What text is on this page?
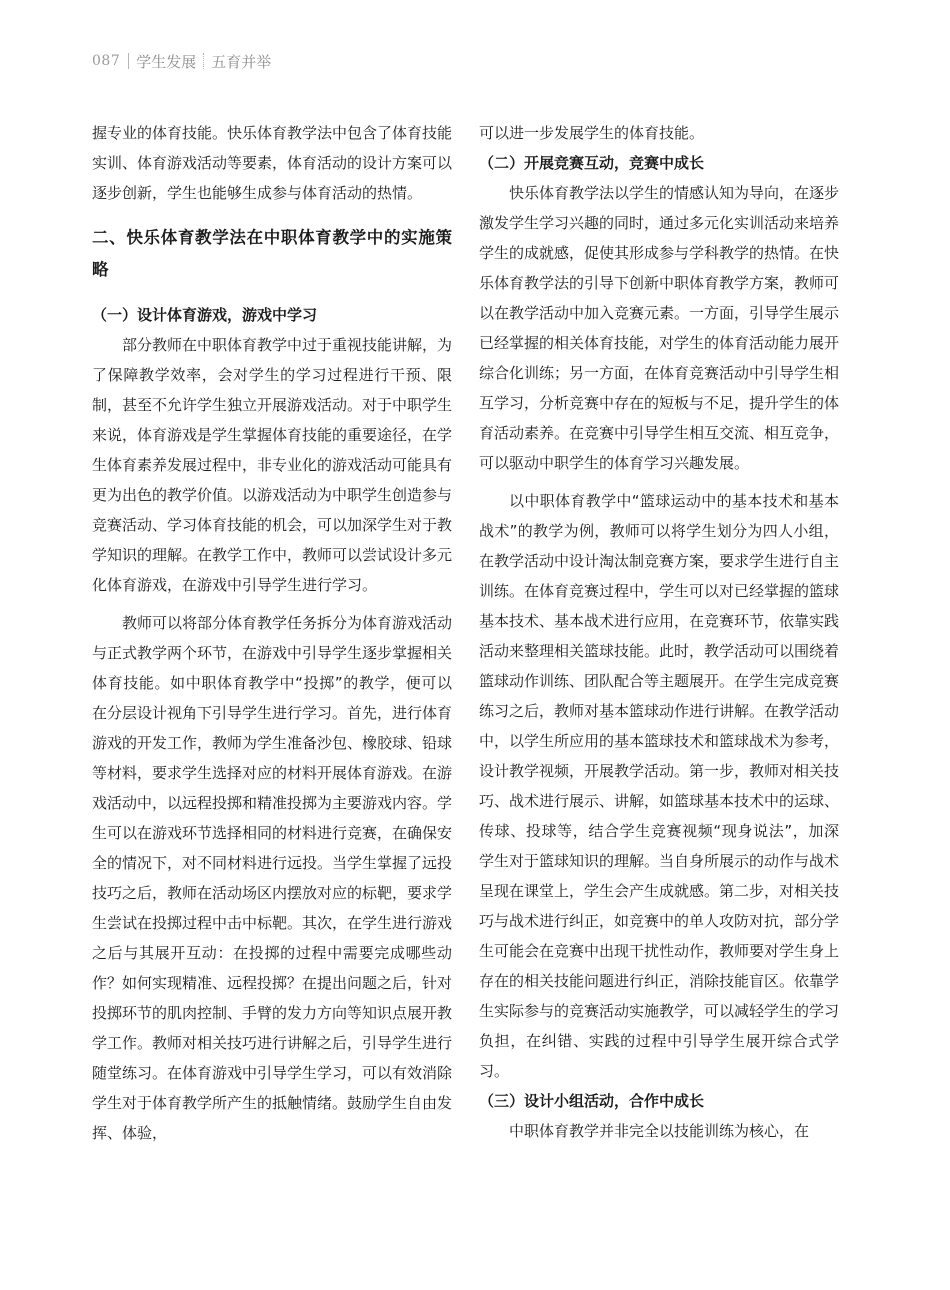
087 学生发展 五育并举

握专业的体育技能。快乐体育教学法中包含了体育技能实训、体育游戏活动等要素，体育活动的设计方案可以逐步创新，学生也能够生成参与体育活动的热情。

二、快乐体育教学法在中职体育教学中的实施策略
（一）设计体育游戏，游戏中学习

部分教师在中职体育教学中过于重视技能讲解，为了保障教学效率，会对学生的学习过程进行干预、限制，甚至不允许学生独立开展游戏活动。对于中职学生来说，体育游戏是学生掌握体育技能的重要途径，在学生体育素养发展过程中，非专业化的游戏活动可能具有更为出色的教学价值。以游戏活动为中职学生创造参与竞赛活动、学习体育技能的机会，可以加深学生对于教学知识的理解。在教学工作中，教师可以尝试设计多元化体育游戏，在游戏中引导学生进行学习。

教师可以将部分体育教学任务拆分为体育游戏活动与正式教学两个环节，在游戏中引导学生逐步掌握相关体育技能。如中职体育教学中“投掷”的教学，便可以在分层设计视角下引导学生进行学习。首先，进行体育游戏的开发工作，教师为学生准备沙包、橡胶球、铅球等材料，要求学生选择对应的材料开展体育游戏。在游戏活动中，以远程投掷和精准投掷为主要游戏内容。学生可以在游戏环节选择相同的材料进行竞赛，在确保安全的情况下，对不同材料进行远投。当学生掌握了远投技巧之后，教师在活动场区内摆放对应的标靶，要求学生尝试在投掷过程中击中标靶。其次，在学生进行游戏之后与其展开互动：在投掷的过程中需要完成哪些动作？如何实现精准、远程投掷？在提出问题之后，针对投掷环节的肌肉控制、手臂的发力方向等知识点展开教学工作。教师对相关技巧进行讲解之后，引导学生进行随堂练习。在体育游戏中引导学生学习，可以有效消除学生对于体育教学所产生的抵触情绪。鼓励学生自由发挥、体验，

可以进一步发展学生的体育技能。

（二）开展竞赛互动，竞赛中成长

快乐体育教学法以学生的情感认知为导向，在逐步激发学生学习兴趣的同时，通过多元化实训活动来培养学生的成就感，促使其形成参与学科教学的热情。在快乐体育教学法的引导下创新中职体育教学方案，教师可以在教学活动中加入竞赛元素。一方面，引导学生展示已经掌握的相关体育技能，对学生的体育活动能力展开综合化训练；另一方面，在体育竞赛活动中引导学生相互学习，分析竞赛中存在的短板与不足，提升学生的体育活动素养。在竞赛中引导学生相互交流、相互竞争，可以驱动中职学生的体育学习兴趣发展。

以中职体育教学中“篮球运动中的基本技术和基本战术”的教学为例，教师可以将学生划分为四人小组，在教学活动中设计淘汰制竞赛方案，要求学生进行自主训练。在体育竞赛过程中，学生可以对已经掌握的篮球基本技术、基本战术进行应用，在竞赛环节，依靠实践活动来整理相关篮球技能。此时，教学活动可以围绕着篮球动作训练、团队配合等主题展开。在学生完成竞赛练习之后，教师对基本篮球动作进行讲解。在教学活动中，以学生所应用的基本篮球技术和篮球战术为参考，设计教学视频，开展教学活动。第一步，教师对相关技巧、战术进行展示、讲解，如篮球基本技术中的运球、传球、投球等，结合学生竞赛视频“现身说法”，加深学生对于篮球知识的理解。当自身所展示的动作与战术呈现在课堂上，学生会产生成就感。第二步，对相关技巧与战术进行纠正，如竞赛中的单人攻防对抗，部分学生可能会在竞赛中出现干扰性动作，教师要对学生身上存在的相关技能问题进行纠正，消除技能盲区。依靠学生实际参与的竞赛活动实施教学，可以减轻学生的学习负担，在纠错、实践的过程中引导学生展开综合式学习。

（三）设计小组活动，合作中成长

中职体育教学并非完全以技能训练为核心，在
